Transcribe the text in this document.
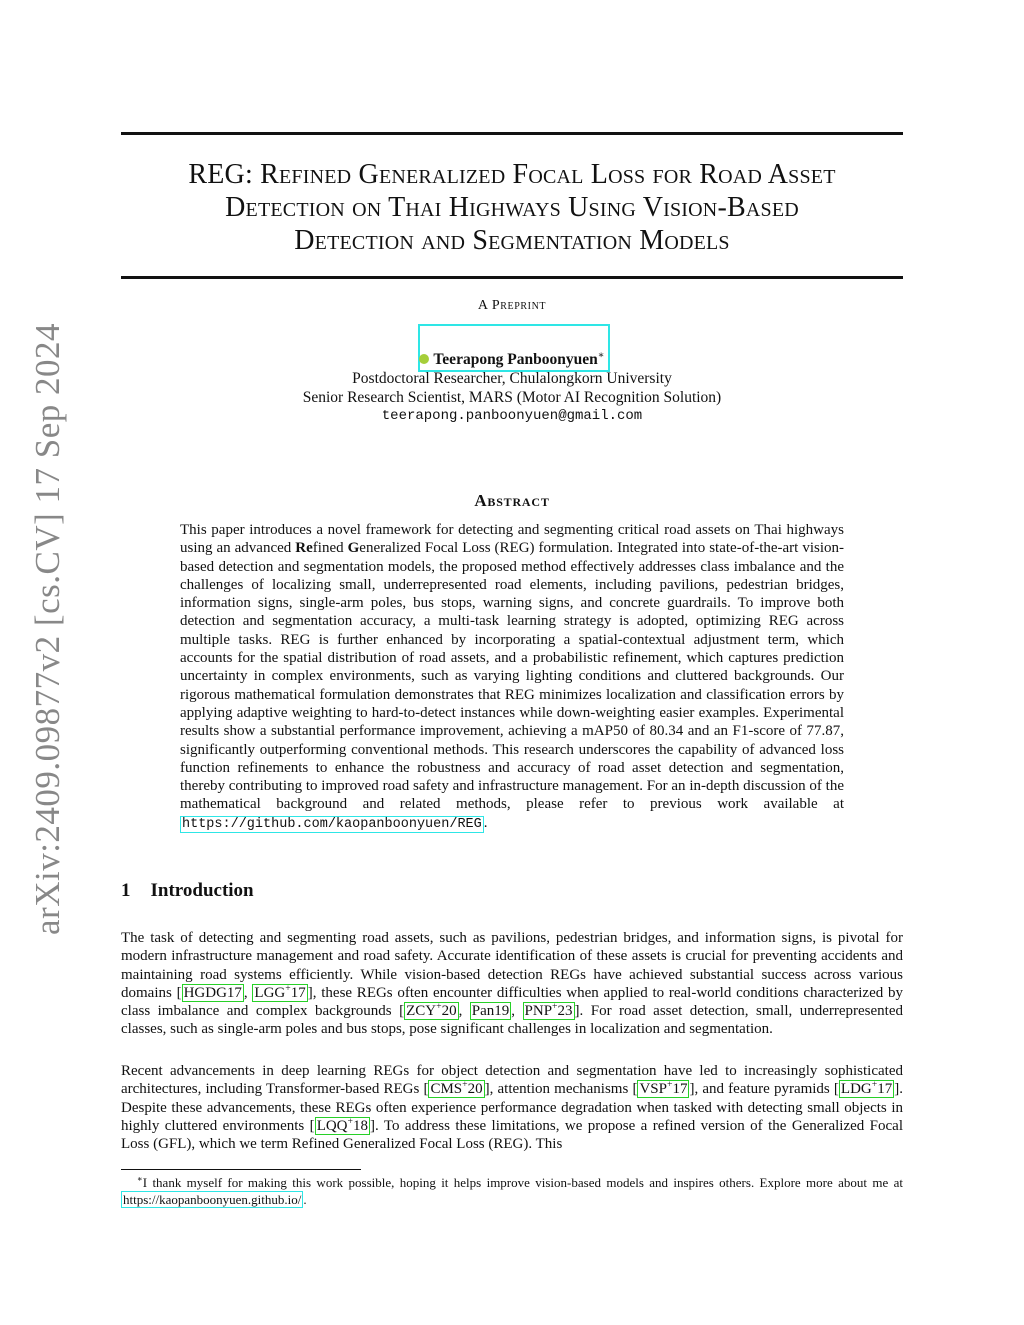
arXiv:2409.09877v2 [cs.CV] 17 Sep 2024
REG: Refined Generalized Focal Loss for Road Asset
Detection on Thai Highways Using Vision-Based
Detection and Segmentation Models
A Preprint
Teerapong Panboonyuen∗
Postdoctoral Researcher, Chulalongkorn University
Senior Research Scientist, MARS (Motor AI Recognition Solution)
teerapong.panboonyuen@gmail.com
Abstract
This paper introduces a novel framework for detecting and segmenting critical road assets on Thai highways using an advanced Refined Generalized Focal Loss (REG) formulation. Integrated into state-of-the-art vision-based detection and segmentation models, the proposed method effectively addresses class imbalance and the challenges of localizing small, underrepresented road elements, including pavilions, pedestrian bridges, information signs, single-arm poles, bus stops, warning signs, and concrete guardrails. To improve both detection and segmentation accuracy, a multi-task learning strategy is adopted, optimizing REG across multiple tasks. REG is further enhanced by incorporating a spatial-contextual adjustment term, which accounts for the spatial distribution of road assets, and a probabilistic refinement, which captures prediction uncertainty in complex environments, such as varying lighting conditions and cluttered backgrounds. Our rigorous mathematical formulation demonstrates that REG minimizes localization and classification errors by applying adaptive weighting to hard-to-detect instances while down-weighting easier examples. Experimental results show a substantial performance improvement, achieving a mAP50 of 80.34 and an F1-score of 77.87, significantly outperforming conventional methods. This research underscores the capability of advanced loss function refinements to enhance the robustness and accuracy of road asset detection and segmentation, thereby contributing to improved road safety and infrastructure management. For an in-depth discussion of the mathematical background and related methods, please refer to previous work available at https://github.com/kaopanboonyuen/REG .
1 Introduction
The task of detecting and segmenting road assets, such as pavilions, pedestrian bridges, and information signs, is pivotal for modern infrastructure management and road safety. Accurate identification of these assets is crucial for preventing accidents and maintaining road systems efficiently. While vision-based detection REGs have achieved substantial success across various domains [ HGDG17 , LGG+17 ], these REGs often encounter difficulties when applied to real-world conditions characterized by class imbalance and complex backgrounds [ ZCY+20 , Pan19 , PNP+23 ]. For road asset detection, small, underrepresented classes, such as single-arm poles and bus stops, pose significant challenges in localization and segmentation.
Recent advancements in deep learning REGs for object detection and segmentation have led to increasingly sophisticated architectures, including Transformer-based REGs [ CMS+20 ], attention mechanisms [ VSP+17 ], and feature pyramids [ LDG+17 ]. Despite these advancements, these REGs often experience performance degradation when tasked with detecting small objects in highly cluttered environments [ LQQ+18 ]. To address these limitations, we propose a refined version of the Generalized Focal Loss (GFL), which we term Refined Generalized Focal Loss (REG). This
∗I thank myself for making this work possible, hoping it helps improve vision-based models and inspires others. Explore more about me at https://kaopanboonyuen.github.io/ .
